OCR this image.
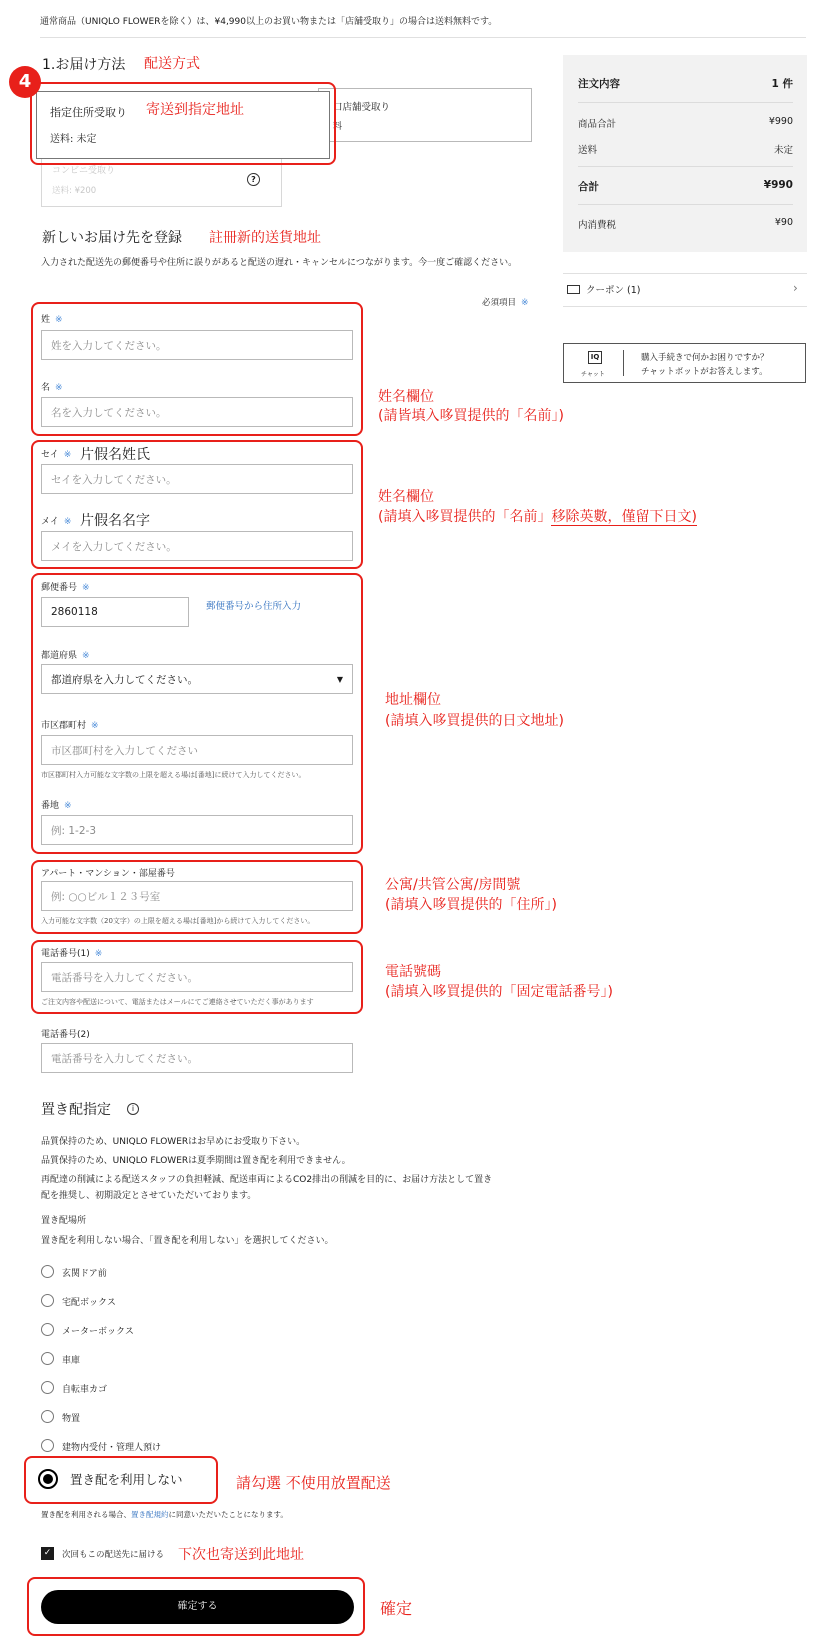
通常商品（UNIQLO FLOWERを除く）は、¥4,990以上のお買い物または「店舗受取り」の場合は送料無料です。
1.お届け方法 配送方式
コンビニ受取り
送料: ¥200
?
口店舗受取り
料
指定住所受取り
送料: 未定
寄送到指定地址
4
新しいお届け先を登録 註冊新的送貨地址
入力された配送先の郵便番号や住所に誤りがあると配送の遅れ・キャンセルにつながります。今一度ご確認ください。
必須項目 ※
姓 ※
姓を入力してください。
名 ※
名を入力してください。
姓名欄位
(請皆填入哆買提供的「名前」)
セイ ※ 片假名姓氏
セイを入力してください。
メイ ※ 片假名名字
メイを入力してください。
姓名欄位
(請填入哆買提供的「名前」移除英數，僅留下日文)
郵便番号 ※
2860118	郵便番号から住所入力
都道府県 ※
都道府県を入力してください。	▼
市区郡町村 ※
市区郡町村を入力してください
市区郡町村入力可能な文字数の上限を超える場は[番地]に続けて入力してください。
番地 ※
例: 1-2-3
地址欄位
(請填入哆買提供的日文地址)
アパート・マンション・部屋番号
例: ○○ビル１２３号室
入力可能な文字数（20文字）の上限を超える場は[番地]から続けて入力してください。
公寓/共管公寓/房間號
(請填入哆買提供的「住所」)
電話番号(1) ※
電話番号を入力してください。
ご注文内容や配送について、電話またはメールにてご連絡させていただく事があります
電話號碼
(請填入哆買提供的「固定電話番号」)
電話番号(2)
電話番号を入力してください。
置き配指定	i
品質保持のため、UNIQLO FLOWERはお早めにお受取り下さい。
品質保持のため、UNIQLO FLOWERは夏季期間は置き配を利用できません。
再配達の削減による配送スタッフの負担軽減、配送車両によるCO2排出の削減を目的に、お届け方法として置き
配を推奨し、初期設定とさせていただいております。
置き配場所
置き配を利用しない場合、「置き配を利用しない」を選択してください。
玄関ドア前
宅配ボックス
メーターボックス
車庫
自転車カゴ
物置
建物内受付・管理人預け
置き配を利用しない	請勾選 不使用放置配送
置き配を利用される場合、置き配規約に同意いただいたことになります。
✓	次回もこの配送先に届ける 下次也寄送到此地址
確定する	確定
注文内容	1 件
商品合計	¥990
送料	未定
合計	¥990
内消費税	¥90
クーポン (1)	›
IQ
チャット
購入手続きで何かお困りですか？
チャットボットがお答えします。
